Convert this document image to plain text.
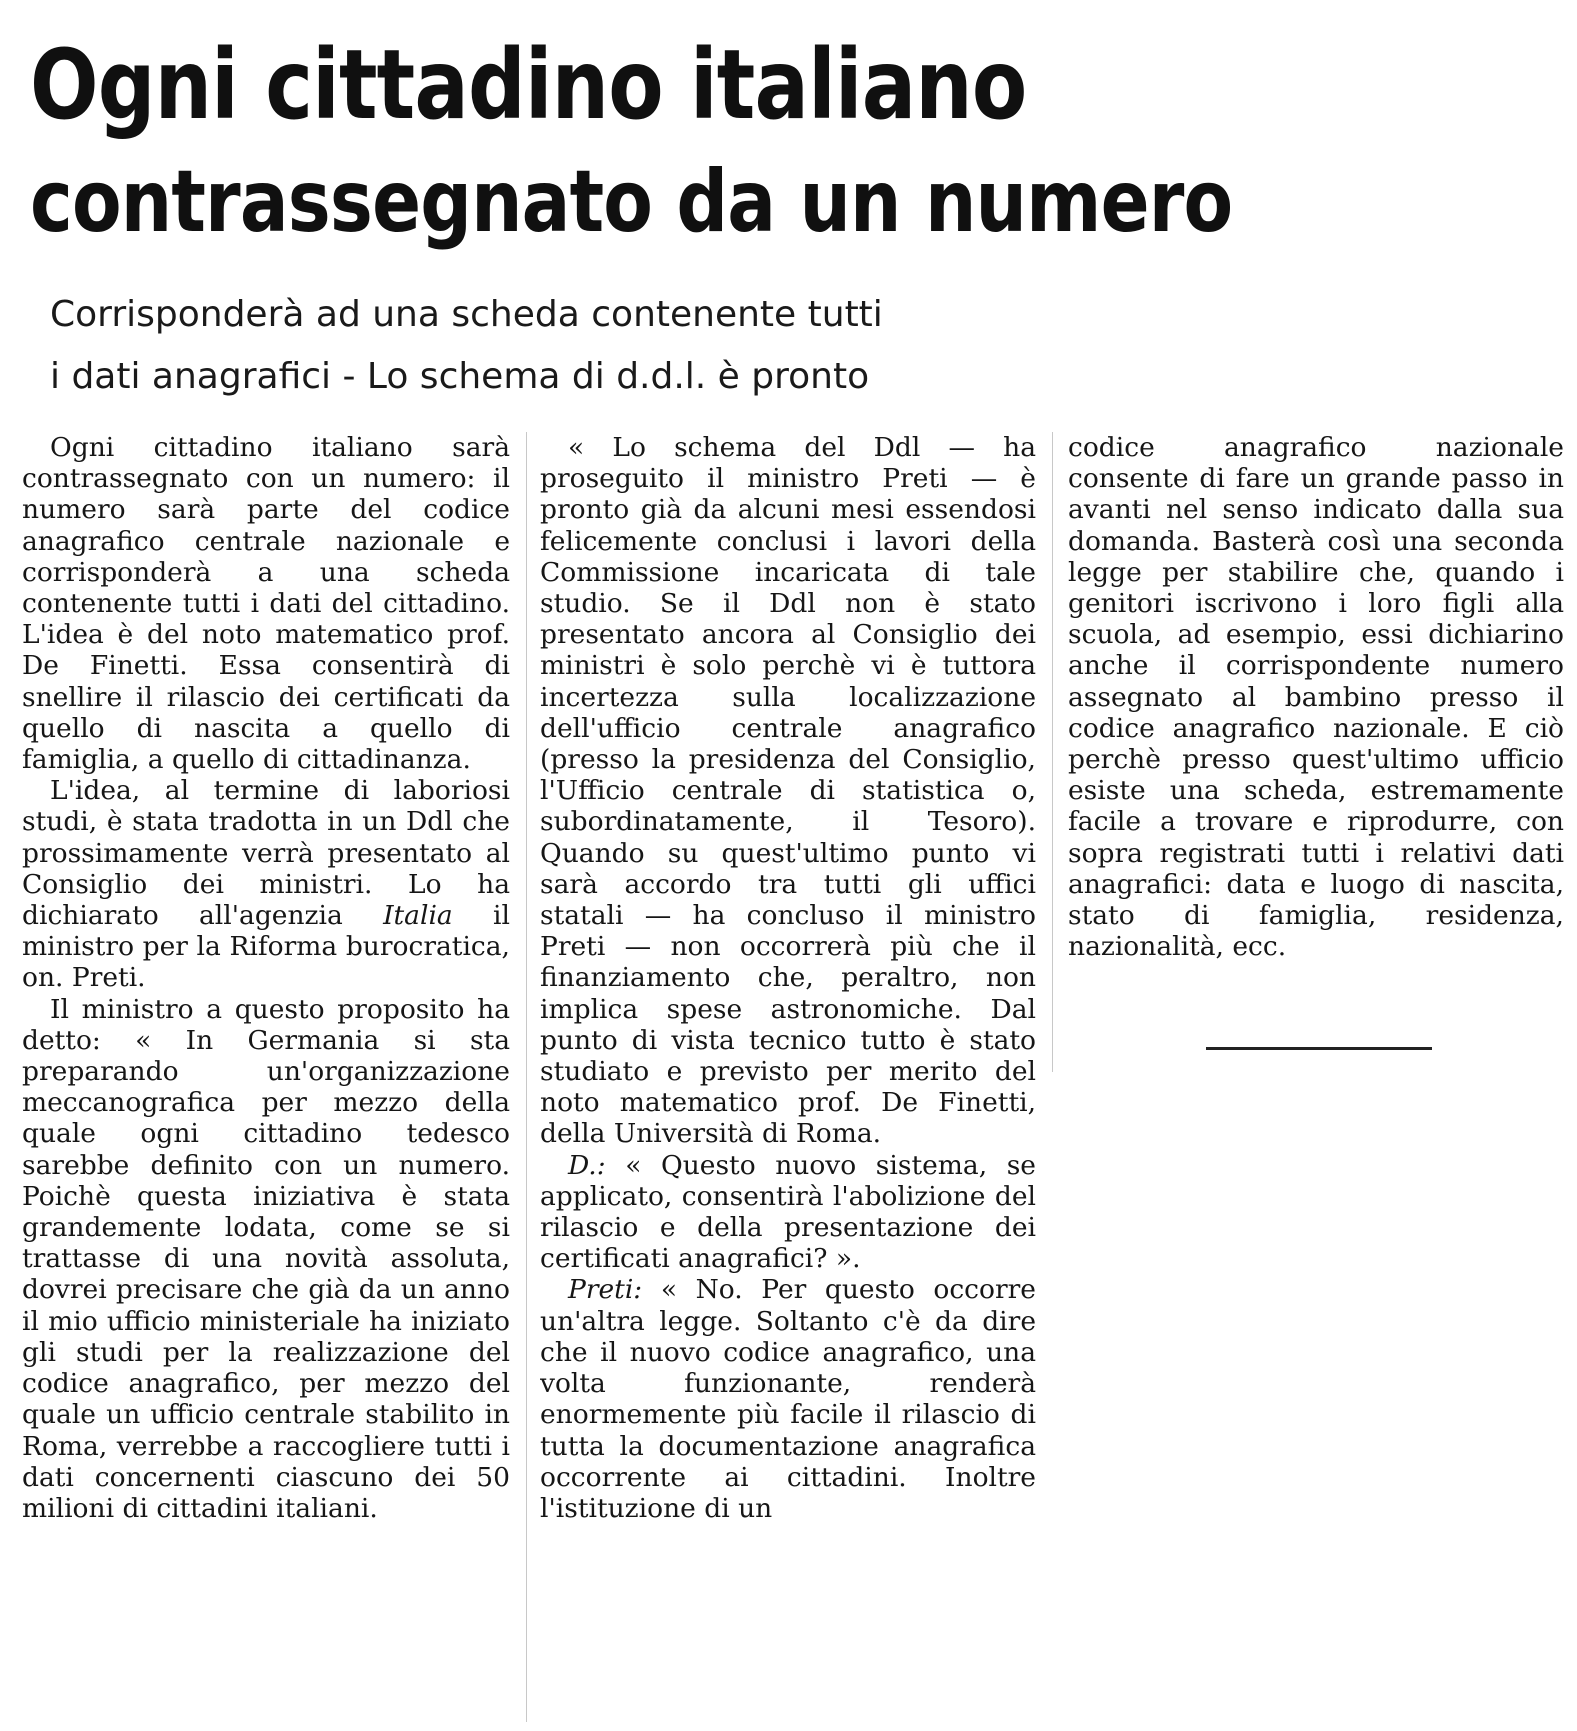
Ogni cittadino italiano
contrassegnato da un numero
Corrisponderà ad una scheda contenente tutti
i dati anagrafici - Lo schema di d.d.l. è pronto

Ogni cittadino italiano sarà contrassegnato con un numero: il numero sarà parte del codice anagrafico centrale nazionale e corrisponderà a una scheda contenente tutti i dati del cittadino. L'idea è del noto matematico prof. De Finetti. Essa consentirà di snellire il rilascio dei certificati da quello di nascita a quello di famiglia, a quello di cittadinanza.

L'idea, al termine di laboriosi studi, è stata tradotta in un Ddl che prossimamente verrà presentato al Consiglio dei ministri. Lo ha dichiarato all'agenzia Italia il ministro per la Riforma burocratica, on. Preti.

Il ministro a questo proposito ha detto: « In Germania si sta preparando un'organizzazione meccanografica per mezzo della quale ogni cittadino tedesco sarebbe definito con un numero. Poichè questa iniziativa è stata grandemente lodata, come se si trattasse di una novità assoluta, dovrei precisare che già da un anno il mio ufficio ministeriale ha iniziato gli studi per la realizzazione del codice anagrafico, per mezzo del quale un ufficio centrale stabilito in Roma, verrebbe a raccogliere tutti i dati concernenti ciascuno dei 50 milioni di cittadini italiani.

« Lo schema del Ddl — ha proseguito il ministro Preti — è pronto già da alcuni mesi essendosi felicemente conclusi i lavori della Commissione incaricata di tale studio. Se il Ddl non è stato presentato ancora al Consiglio dei ministri è solo perchè vi è tuttora incertezza sulla localizzazione dell'ufficio centrale anagrafico (presso la presidenza del Consiglio, l'Ufficio centrale di statistica o, subordinatamente, il Tesoro). Quando su quest'ultimo punto vi sarà accordo tra tutti gli uffici statali — ha concluso il ministro Preti — non occorrerà più che il finanziamento che, peraltro, non implica spese astronomiche. Dal punto di vista tecnico tutto è stato studiato e previsto per merito del noto matematico prof. De Finetti, della Università di Roma.

D.: « Questo nuovo sistema, se applicato, consentirà l'abolizione del rilascio e della presentazione dei certificati anagrafici? ».

Preti: « No. Per questo occorre un'altra legge. Soltanto c'è da dire che il nuovo codice anagrafico, una volta funzionante, renderà enormemente più facile il rilascio di tutta la documentazione anagrafica occorrente ai cittadini. Inoltre l'istituzione di un

codice anagrafico nazionale consente di fare un grande passo in avanti nel senso indicato dalla sua domanda. Basterà così una seconda legge per stabilire che, quando i genitori iscrivono i loro figli alla scuola, ad esempio, essi dichiarino anche il corrispondente numero assegnato al bambino presso il codice anagrafico nazionale. E ciò perchè presso quest'ultimo ufficio esiste una scheda, estremamente facile a trovare e riprodurre, con sopra registrati tutti i relativi dati anagrafici: data e luogo di nascita, stato di famiglia, residenza, nazionalità, ecc.
